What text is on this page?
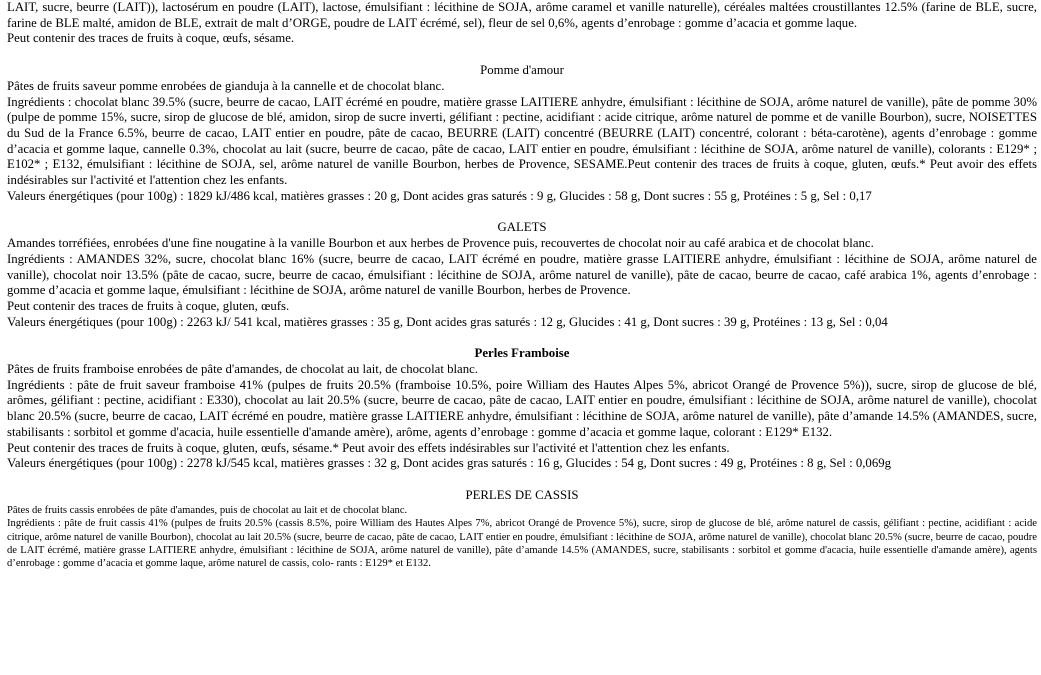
LAIT, sucre, beurre (LAIT)), lactosérum en poudre (LAIT), lactose, émulsifiant : lécithine de SOJA, arôme caramel et vanille naturelle), céréales maltées croustillantes 12.5% (farine de BLE, sucre, farine de BLE malté, amidon de BLE, extrait de malt d’ORGE, poudre de LAIT écrémé, sel), fleur de sel 0,6%, agents d’enrobage : gomme d’acacia et gomme laque.

Peut contenir des traces de fruits à coque, œufs, sésame.

Pomme d'amour

Pâtes de fruits saveur pomme enrobées de gianduja à la cannelle et de chocolat blanc.

Ingrédients : chocolat blanc 39.5% (sucre, beurre de cacao, LAIT écrémé en poudre, matière grasse LAITIERE anhydre, émulsifiant : lécithine de SOJA, arôme naturel de vanille), pâte de pomme 30% (pulpe de pomme 15%, sucre, sirop de glucose de blé, amidon, sirop de sucre inverti, gélifiant : pectine, acidifiant : acide citrique, arôme naturel de pomme et de vanille Bourbon), sucre, NOISETTES du Sud de la France 6.5%, beurre de cacao, LAIT entier en poudre, pâte de cacao, BEURRE (LAIT) concentré (BEURRE (LAIT) concentré, colorant : béta-carotène), agents d’enrobage : gomme d’acacia et gomme laque, cannelle 0.3%, chocolat au lait (sucre, beurre de cacao, pâte de cacao, LAIT entier en poudre, émulsifiant : lécithine de SOJA, arôme naturel de vanille), colorants : E129* ; E102* ; E132, émulsifiant : lécithine de SOJA, sel, arôme naturel de vanille Bourbon, herbes de Provence, SESAME.Peut contenir des traces de fruits à coque, gluten, œufs.* Peut avoir des effets indésirables sur l'activité et l'attention chez les enfants.

Valeurs énergétiques (pour 100g) : 1829 kJ/486 kcal, matières grasses : 20 g, Dont acides gras saturés : 9 g, Glucides : 58 g, Dont sucres : 55 g, Protéines : 5 g, Sel : 0,17

GALETS

Amandes torréfiées, enrobées d'une fine nougatine à la vanille Bourbon et aux herbes de Provence puis, recouvertes de chocolat noir au café arabica et de chocolat blanc.

Ingrédients : AMANDES 32%, sucre, chocolat blanc 16% (sucre, beurre de cacao, LAIT écrémé en poudre, matière grasse LAITIERE anhydre, émulsifiant : lécithine de SOJA, arôme naturel de vanille), chocolat noir 13.5% (pâte de cacao, sucre, beurre de cacao, émulsifiant : lécithine de SOJA, arôme naturel de vanille), pâte de cacao, beurre de cacao, café arabica 1%, agents d’enrobage : gomme d’acacia et gomme laque, émulsifiant : lécithine de SOJA, arôme naturel de vanille Bourbon, herbes de Provence.

Peut contenir des traces de fruits à coque, gluten, œufs.

Valeurs énergétiques (pour 100g) : 2263 kJ/ 541 kcal, matières grasses : 35 g, Dont acides gras saturés : 12 g, Glucides : 41 g, Dont sucres : 39 g, Protéines : 13 g, Sel : 0,04

Perles Framboise

Pâtes de fruits framboise enrobées de pâte d'amandes, de chocolat au lait, de chocolat blanc.

Ingrédients : pâte de fruit saveur framboise 41% (pulpes de fruits 20.5% (framboise 10.5%, poire William des Hautes Alpes 5%, abricot Orangé de Provence 5%)), sucre, sirop de glucose de blé, arômes, gélifiant : pectine, acidifiant : E330), chocolat au lait 20.5% (sucre, beurre de cacao, pâte de cacao, LAIT entier en poudre, émulsifiant : lécithine de SOJA, arôme naturel de vanille), chocolat blanc 20.5% (sucre, beurre de cacao, LAIT écrémé en poudre, matière grasse LAITIERE anhydre, émulsifiant : lécithine de SOJA, arôme naturel de vanille), pâte d’amande 14.5% (AMANDES, sucre, stabilisants : sorbitol et gomme d'acacia, huile essentielle d'amande amère), arôme, agents d’enrobage : gomme d’acacia et gomme laque, colorant : E129* E132.

Peut contenir des traces de fruits à coque, gluten, œufs, sésame.* Peut avoir des effets indésirables sur l'activité et l'attention chez les enfants.

Valeurs énergétiques (pour 100g) : 2278 kJ/545 kcal, matières grasses : 32 g, Dont acides gras saturés : 16 g, Glucides : 54 g, Dont sucres : 49 g, Protéines : 8 g, Sel : 0,069g

PERLES DE CASSIS

Pâtes de fruits cassis enrobées de pâte d'amandes, puis de chocolat au lait et de chocolat blanc.

Ingrédients : pâte de fruit cassis 41% (pulpes de fruits 20.5% (cassis 8.5%, poire William des Hautes Alpes 7%, abricot Orangé de Provence 5%), sucre, sirop de glucose de blé, arôme naturel de cassis, gélifiant : pectine, acidifiant : acide citrique, arôme naturel de vanille Bourbon), chocolat au lait 20.5% (sucre, beurre de cacao, pâte de cacao, LAIT entier en poudre, émulsifiant : lécithine de SOJA, arôme naturel de vanille), chocolat blanc 20.5% (sucre, beurre de cacao, poudre de LAIT écrémé, matière grasse LAITIERE anhydre, émulsifiant : lécithine de SOJA, arôme naturel de vanille), pâte d’amande 14.5% (AMANDES, sucre, stabilisants : sorbitol et gomme d'acacia, huile essentielle d'amande amère), agents d’enrobage : gomme d’acacia et gomme laque, arôme naturel de cassis, colo- rants : E129* et E132.
